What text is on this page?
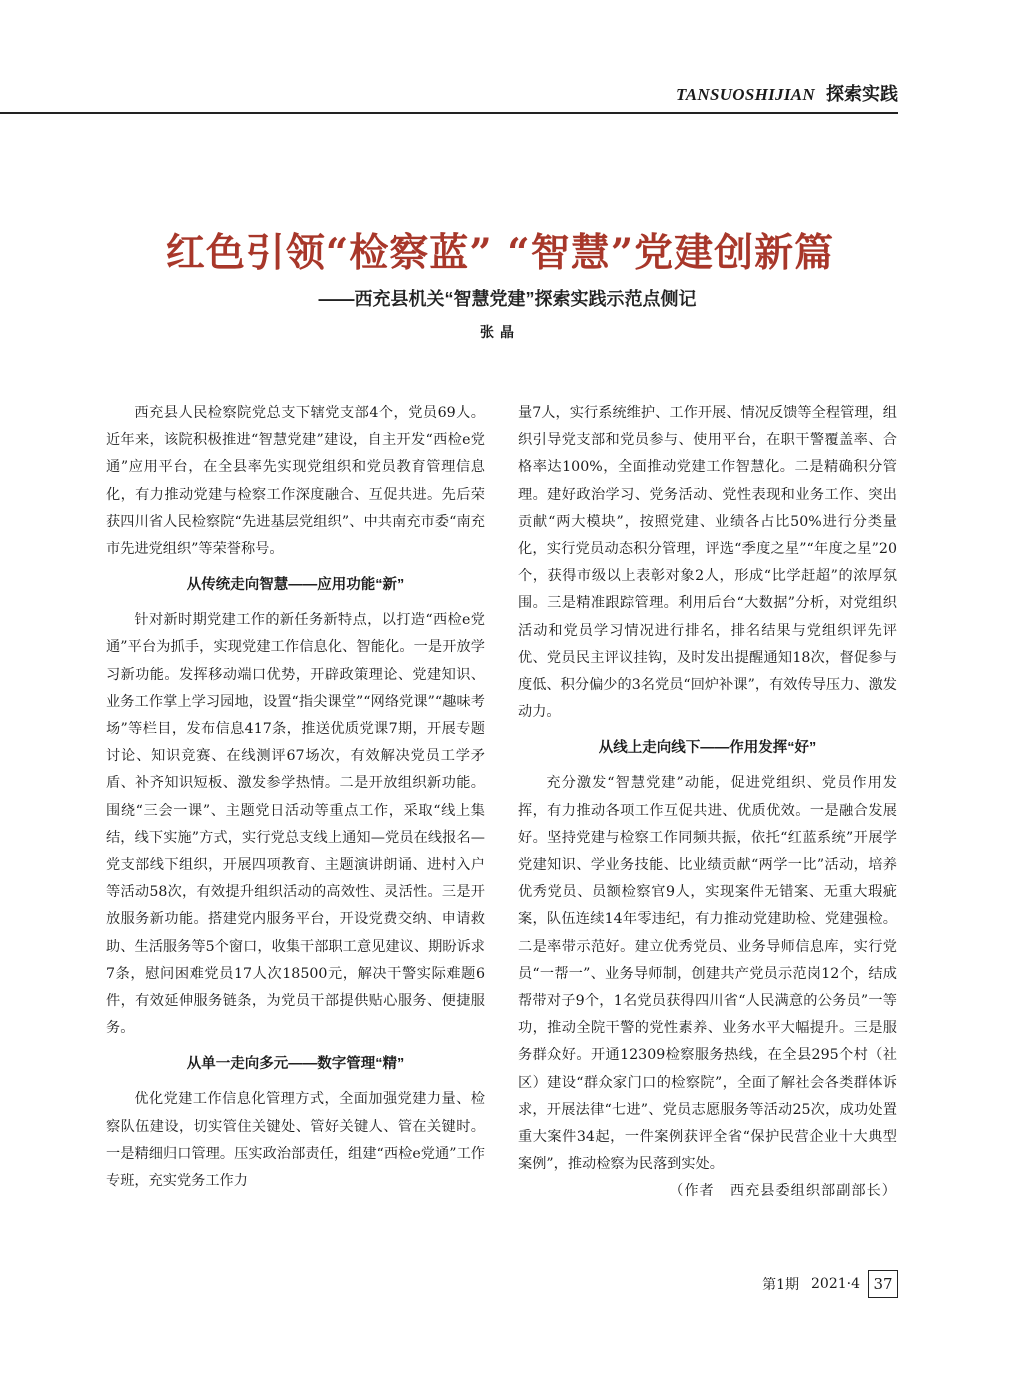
TANSUOSHIJIAN 探索实践
红色引领“检察蓝” “智慧”党建创新篇
——西充县机关“智慧党建”探索实践示范点侧记
张晶

西充县人民检察院党总支下辖党支部4个，党员69人。近年来，该院积极推进“智慧党建”建设，自主开发“西检e党通”应用平台，在全县率先实现党组织和党员教育管理信息化，有力推动党建与检察工作深度融合、互促共进。先后荣获四川省人民检察院“先进基层党组织”、中共南充市委“南充市先进党组织”等荣誉称号。

从传统走向智慧——应用功能“新”

针对新时期党建工作的新任务新特点，以打造“西检e党通”平台为抓手，实现党建工作信息化、智能化。一是开放学习新功能。发挥移动端口优势，开辟政策理论、党建知识、业务工作掌上学习园地，设置“指尖课堂”“网络党课”“趣味考场”等栏目，发布信息417条，推送优质党课7期，开展专题讨论、知识竞赛、在线测评67场次，有效解决党员工学矛盾、补齐知识短板、激发参学热情。二是开放组织新功能。围绕“三会一课”、主题党日活动等重点工作，采取“线上集结，线下实施”方式，实行党总支线上通知—党员在线报名—党支部线下组织，开展四项教育、主题演讲朗诵、进村入户等活动58次，有效提升组织活动的高效性、灵活性。三是开放服务新功能。搭建党内服务平台，开设党费交纳、申请救助、生活服务等5个窗口，收集干部职工意见建议、期盼诉求7条，慰问困难党员17人次18500元，解决干警实际难题6件，有效延伸服务链条，为党员干部提供贴心服务、便捷服务。

从单一走向多元——数字管理“精”

优化党建工作信息化管理方式，全面加强党建力量、检察队伍建设，切实管住关键处、管好关键人、管在关键时。一是精细归口管理。压实政治部责任，组建“西检e党通”工作专班，充实党务工作力

量7人，实行系统维护、工作开展、情况反馈等全程管理，组织引导党支部和党员参与、使用平台，在职干警覆盖率、合格率达100%，全面推动党建工作智慧化。二是精确积分管理。建好政治学习、党务活动、党性表现和业务工作、突出贡献“两大模块”，按照党建、业绩各占比50%进行分类量化，实行党员动态积分管理，评选“季度之星”“年度之星”20个，获得市级以上表彰对象2人，形成“比学赶超”的浓厚氛围。三是精准跟踪管理。利用后台“大数据”分析，对党组织活动和党员学习情况进行排名，排名结果与党组织评先评优、党员民主评议挂钩，及时发出提醒通知18次，督促参与度低、积分偏少的3名党员“回炉补课”，有效传导压力、激发动力。

从线上走向线下——作用发挥“好”

充分激发“智慧党建”动能，促进党组织、党员作用发挥，有力推动各项工作互促共进、优质优效。一是融合发展好。坚持党建与检察工作同频共振，依托“红蓝系统”开展学党建知识、学业务技能、比业绩贡献“两学一比”活动，培养优秀党员、员额检察官9人，实现案件无错案、无重大瑕疵案，队伍连续14年零违纪，有力推动党建助检、党建强检。二是率带示范好。建立优秀党员、业务导师信息库，实行党员“一帮一”、业务导师制，创建共产党员示范岗12个，结成帮带对子9个，1名党员获得四川省“人民满意的公务员”一等功，推动全院干警的党性素养、业务水平大幅提升。三是服务群众好。开通12309检察服务热线，在全县295个村（社区）建设“群众家门口的检察院”，全面了解社会各类群体诉求，开展法律“七进”、党员志愿服务等活动25次，成功处置重大案件34起，一件案例获评全省“保护民营企业十大典型案例”，推动检察为民落到实处。

（作者　西充县委组织部副部长）

第1期 2021·4 37
